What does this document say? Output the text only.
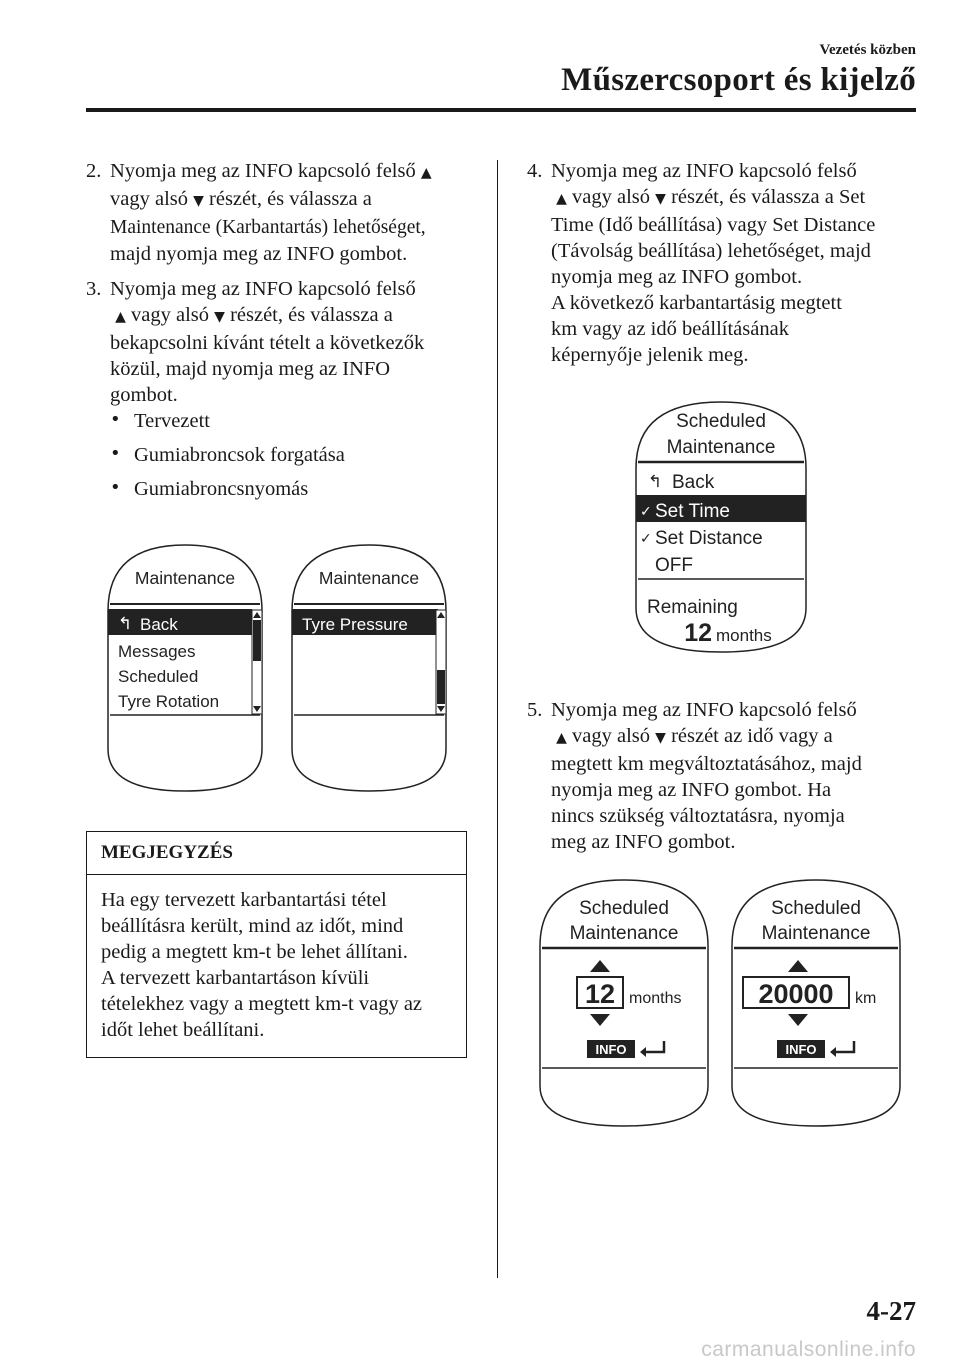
Vezetés közben
Műszercsoport és kijelző
2. Nyomja meg az INFO kapcsoló felső ▲
vagy alsó ▼ részét, és válassza a
Maintenance (Karbantartás) lehetőséget,
majd nyomja meg az INFO gombot.
3. Nyomja meg az INFO kapcsoló felső
▲ vagy alsó ▼ részét, és válassza a
bekapcsolni kívánt tételt a következők
közül, majd nyomja meg az INFO
gombot.
• Tervezett
• Gumiabroncsok forgatása
• Gumiabroncsnyomás
Maintenance
↰ Back
Messages
Scheduled
Tyre Rotation
Maintenance
Tyre Pressure
MEGJEGYZÉS
Ha egy tervezett karbantartási tétel
beállításra került, mind az időt, mind
pedig a megtett km-t be lehet állítani.
A tervezett karbantartáson kívüli
tételekhez vagy a megtett km-t vagy az
időt lehet beállítani.
4. Nyomja meg az INFO kapcsoló felső
▲ vagy alsó ▼ részét, és válassza a Set
Time (Idő beállítása) vagy Set Distance
(Távolság beállítása) lehetőséget, majd
nyomja meg az INFO gombot.
A következő karbantartásig megtett
km vagy az idő beállításának
képernyője jelenik meg.
Scheduled
Maintenance
↰ Back
✓ Set Time
✓ Set Distance
OFF
Remaining
12 months
5. Nyomja meg az INFO kapcsoló felső
▲ vagy alsó ▼ részét az idő vagy a
megtett km megváltoztatásához, majd
nyomja meg az INFO gombot. Ha
nincs szükség változtatásra, nyomja
meg az INFO gombot.
Scheduled
Maintenance
12 months
INFO
Scheduled
Maintenance
20000 km
INFO
4-27
carmanualsonline.info
